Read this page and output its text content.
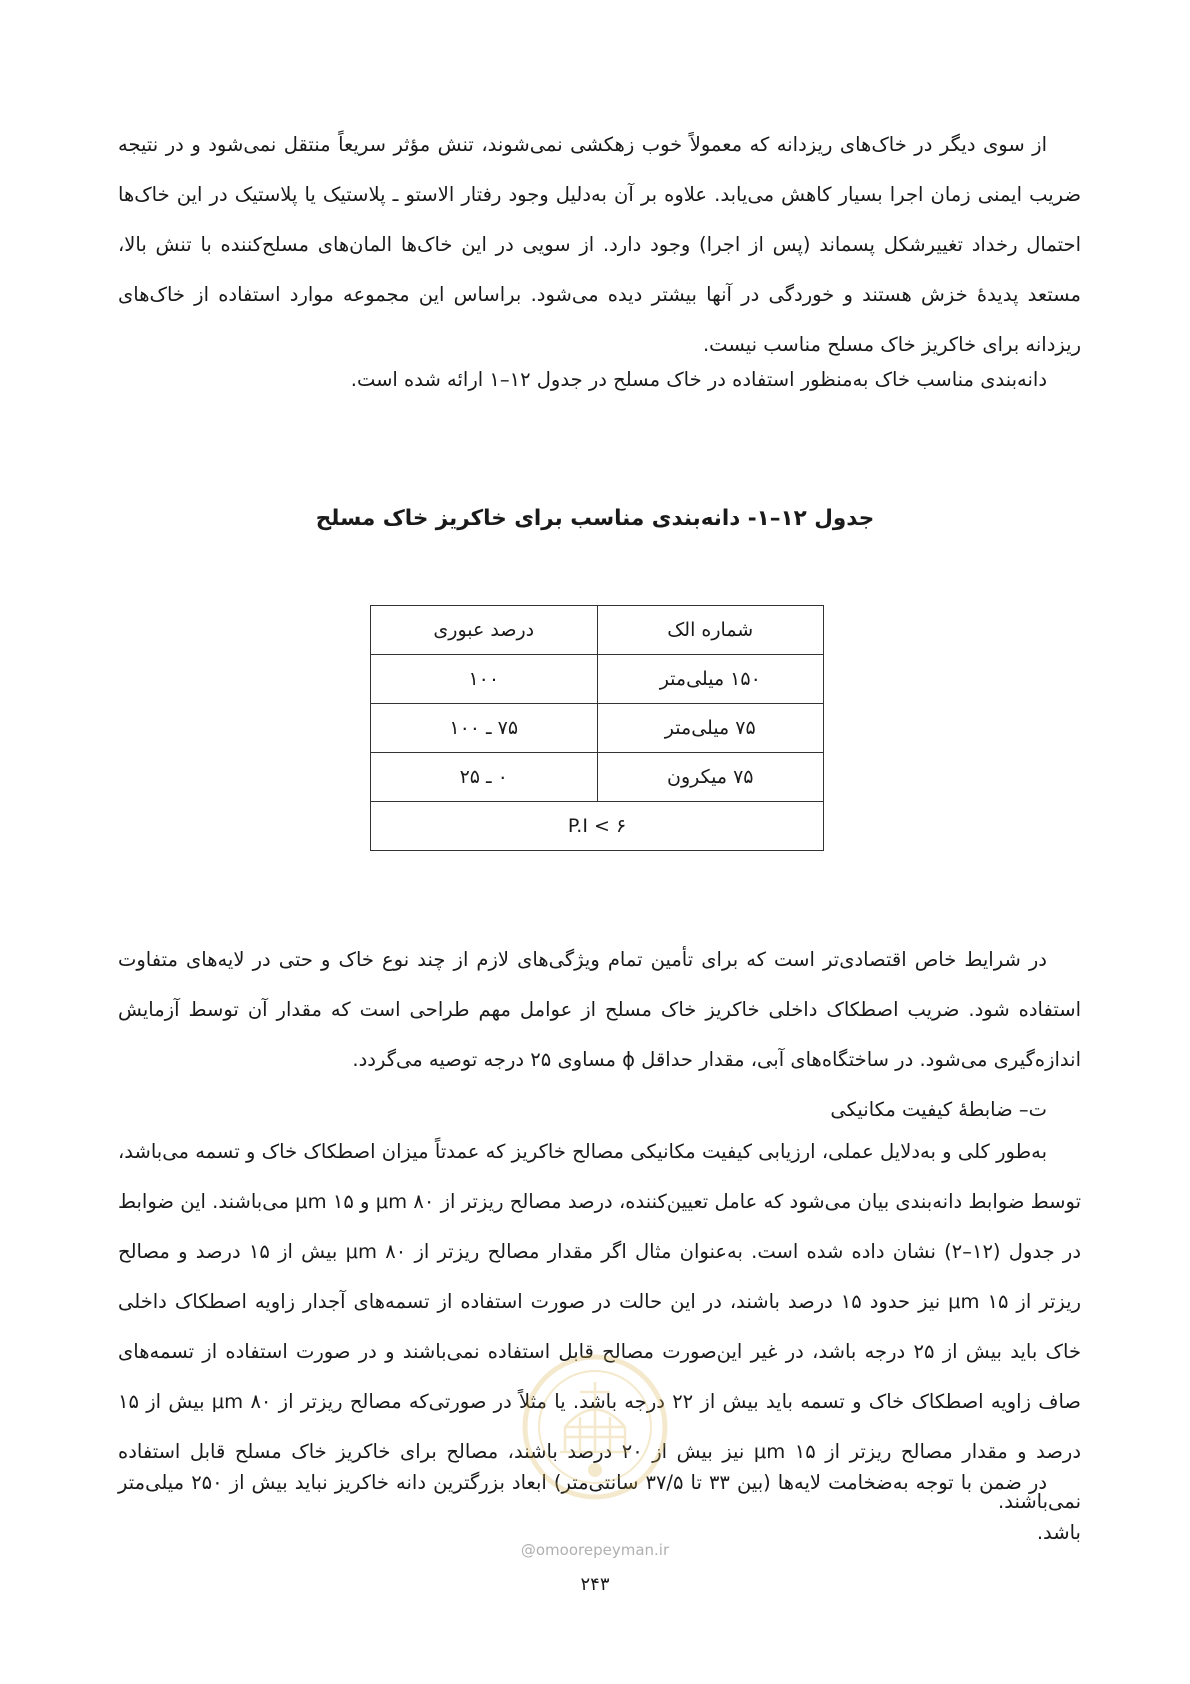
از سوی دیگر در خاک‌های ریزدانه که معمولاً خوب زهکشی نمی‌شوند، تنش مؤثر سریعاً منتقل نمی‌شود و در نتیجه ضریب ایمنی زمان اجرا بسیار کاهش می‌یابد. علاوه بر آن به‌دلیل وجود رفتار الاستو ـ پلاستیک یا پلاستیک در این خاک‌ها احتمال رخداد تغییرشکل پسماند (پس از اجرا) وجود دارد. از سویی در این خاک‌ها المان‌های مسلح‌کننده با تنش بالا، مستعد پدیدهٔ خزش هستند و خوردگی در آنها بیشتر دیده می‌شود. براساس این مجموعه موارد استفاده از خاک‌های ریزدانه برای خاکریز خاک مسلح مناسب نیست.

دانه‌بندی مناسب خاک به‌منظور استفاده در خاک مسلح در جدول ۱۲–۱ ارائه شده است.

جدول ۱۲–۱- دانه‌بندی مناسب برای خاکریز خاک مسلح
شماره الک	درصد عبوری
۱۵۰ میلی‌متر	۱۰۰
۷۵ میلی‌متر	۷۵ ـ ۱۰۰
۷۵ میکرون	۰ ـ ۲۵
P.I < ۶	

در شرایط خاص اقتصادی‌تر است که برای تأمین تمام ویژگی‌های لازم از چند نوع خاک و حتی در لایه‌های متفاوت استفاده شود. ضریب اصطکاک داخلی خاکریز خاک مسلح از عوامل مهم طراحی است که مقدار آن توسط آزمایش اندازه‌گیری می‌شود. در ساختگاه‌های آبی، مقدار حداقل ϕ مساوی ۲۵ درجه توصیه می‌گردد.

ت– ضابطهٔ کیفیت مکانیکی

به‌طور کلی و به‌دلایل عملی، ارزیابی کیفیت مکانیکی مصالح خاکریز که عمدتاً میزان اصطکاک خاک و تسمه می‌باشد، توسط ضوابط دانه‌بندی بیان می‌شود که عامل تعیین‌کننده، درصد مصالح ریزتر از ۸۰ μm و ۱۵ μm می‌باشند. این ضوابط در جدول (۱۲–۲) نشان داده شده است. به‌عنوان مثال اگر مقدار مصالح ریزتر از ۸۰ μm بیش از ۱۵ درصد و مصالح ریزتر از ۱۵ μm نیز حدود ۱۵ درصد باشند، در این حالت در صورت استفاده از تسمه‌های آجدار زاویه اصطکاک داخلی خاک باید بیش از ۲۵ درجه باشد، در غیر این‌صورت مصالح قابل استفاده نمی‌باشند و در صورت استفاده از تسمه‌های صاف زاویه اصطکاک خاک و تسمه باید بیش از ۲۲ درجه باشد. یا مثلاً در صورتی‌که مصالح ریزتر از ۸۰ μm بیش از ۱۵ درصد و مقدار مصالح ریزتر از ۱۵ μm نیز بیش از ۲۰ درصد باشند، مصالح برای خاکریز خاک مسلح قابل استفاده نمی‌باشند.

در ضمن با توجه به‌ضخامت لایه‌ها (بین ۳۳ تا ۳۷/۵ سانتی‌متر) ابعاد بزرگترین دانه خاکریز نباید بیش از ۲۵۰ میلی‌متر باشد.

@omoorepeyman.ir
۲۴۳
